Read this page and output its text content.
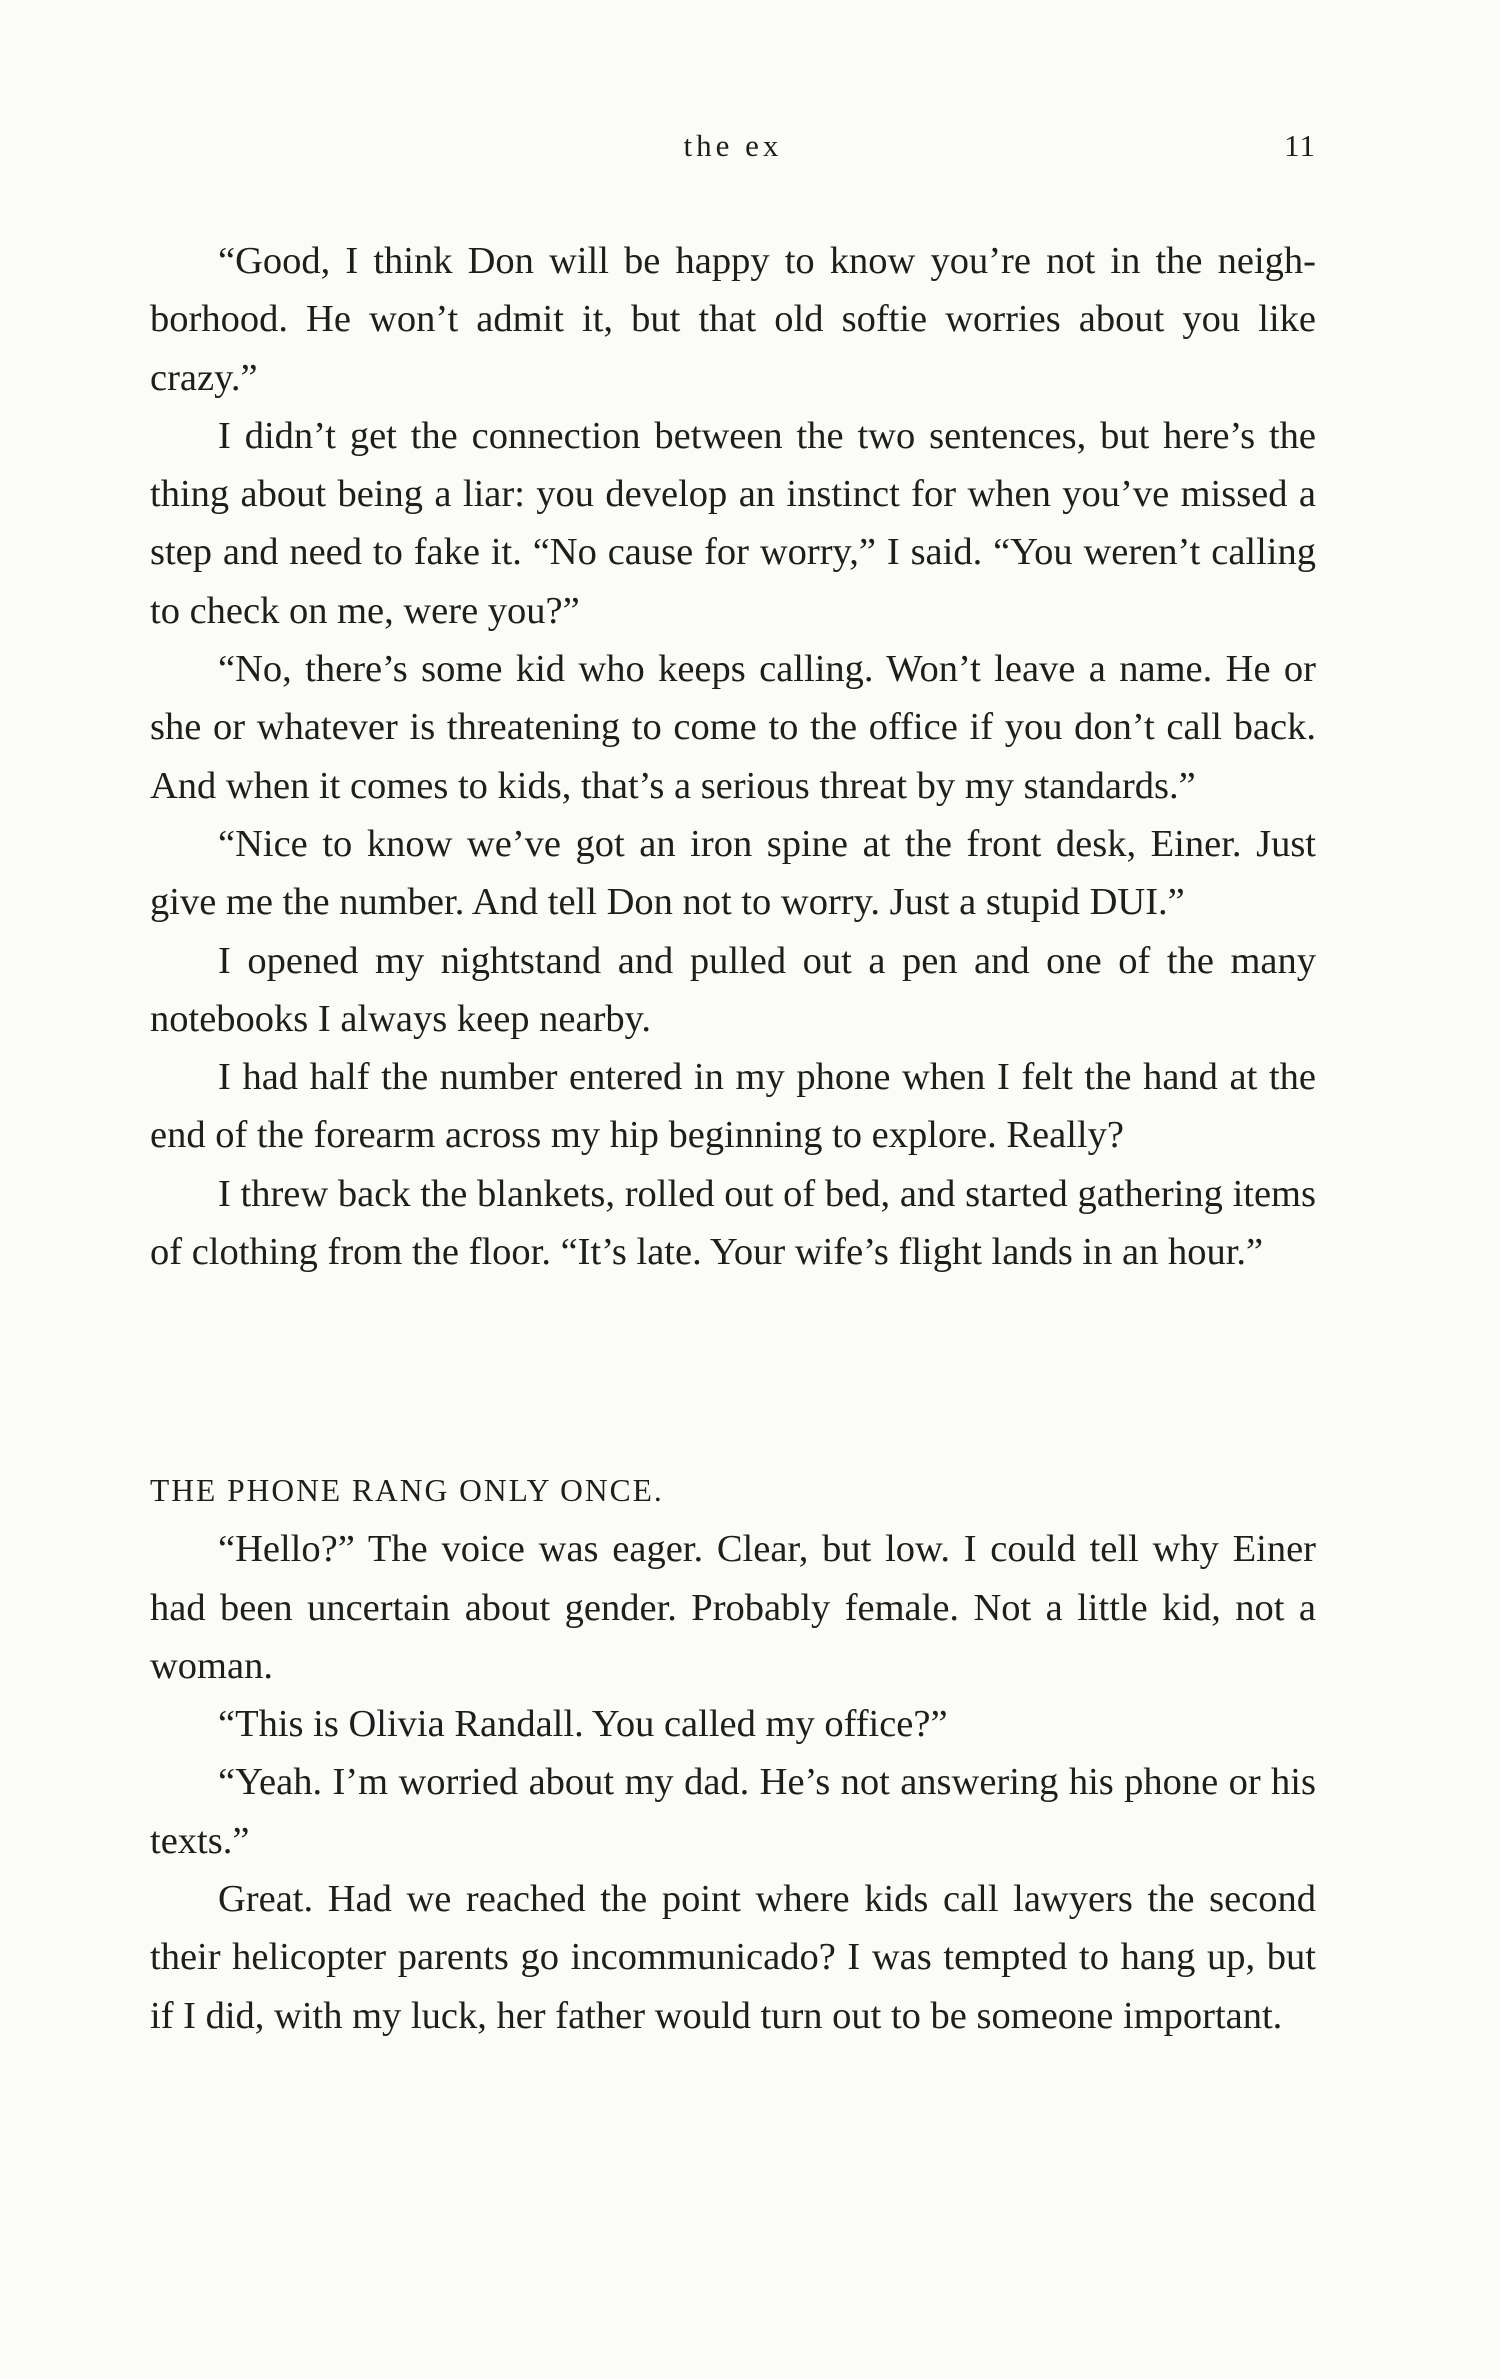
the ex	11

“Good, I think Don will be happy to know you’re not in the neighborhood. He won’t admit it, but that old softie worries about you like crazy.”

I didn’t get the connection between the two sentences, but here’s the thing about being a liar: you develop an instinct for when you’ve missed a step and need to fake it. “No cause for worry,” I said. “You weren’t calling to check on me, were you?”

“No, there’s some kid who keeps calling. Won’t leave a name. He or she or whatever is threatening to come to the office if you don’t call back. And when it comes to kids, that’s a serious threat by my standards.”

“Nice to know we’ve got an iron spine at the front desk, Einer. Just give me the number. And tell Don not to worry. Just a stupid DUI.”

I opened my nightstand and pulled out a pen and one of the many notebooks I always keep nearby.

I had half the number entered in my phone when I felt the hand at the end of the forearm across my hip beginning to explore. Really?

I threw back the blankets, rolled out of bed, and started gathering items of clothing from the floor. “It’s late. Your wife’s flight lands in an hour.”

THE PHONE RANG ONLY ONCE.

“Hello?” The voice was eager. Clear, but low. I could tell why Einer had been uncertain about gender. Probably female. Not a little kid, not a woman.

“This is Olivia Randall. You called my office?”

“Yeah. I’m worried about my dad. He’s not answering his phone or his texts.”

Great. Had we reached the point where kids call lawyers the second their helicopter parents go incommunicado? I was tempted to hang up, but if I did, with my luck, her father would turn out to be someone important.
